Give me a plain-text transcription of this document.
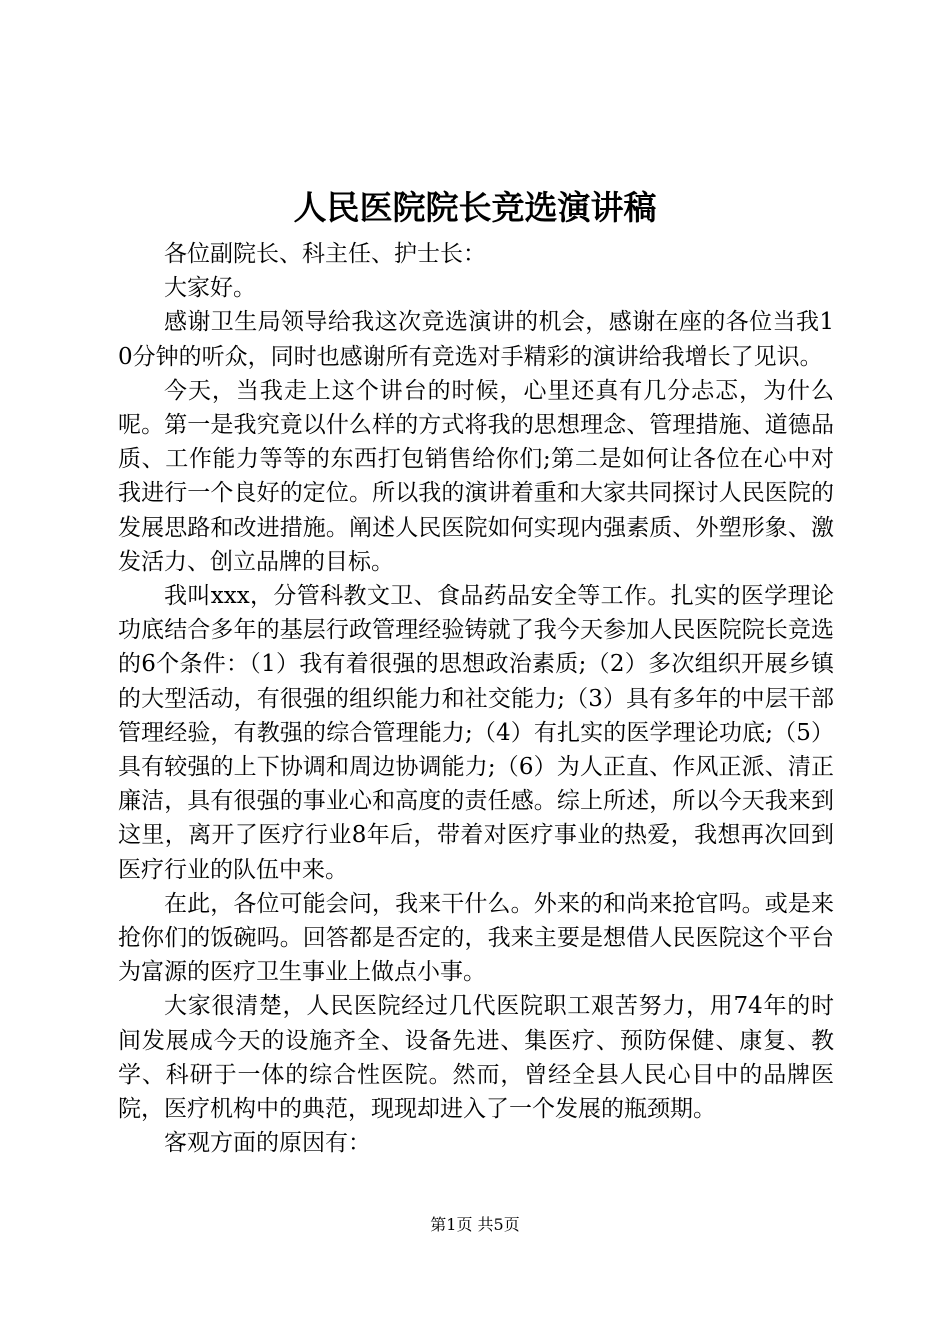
人民医院院长竞选演讲稿

各位副院长、科主任、护士长：

大家好。

感谢卫生局领导给我这次竞选演讲的机会，感谢在座的各位当我10分钟的听众，同时也感谢所有竞选对手精彩的演讲给我增长了见识。

今天，当我走上这个讲台的时候，心里还真有几分忐忑，为什么呢。第一是我究竟以什么样的方式将我的思想理念、管理措施、道德品质、工作能力等等的东西打包销售给你们;第二是如何让各位在心中对我进行一个良好的定位。所以我的演讲着重和大家共同探讨人民医院的发展思路和改进措施。阐述人民医院如何实现内强素质、外塑形象、激发活力、创立品牌的目标。

我叫xxx，分管科教文卫、食品药品安全等工作。扎实的医学理论功底结合多年的基层行政管理经验铸就了我今天参加人民医院院长竞选的6个条件：（1）我有着很强的思想政治素质;（2）多次组织开展乡镇的大型活动，有很强的组织能力和社交能力;（3）具有多年的中层干部管理经验，有教强的综合管理能力;（4）有扎实的医学理论功底;（5）具有较强的上下协调和周边协调能力;（6）为人正直、作风正派、清正廉洁，具有很强的事业心和高度的责任感。综上所述，所以今天我来到这里，离开了医疗行业8年后，带着对医疗事业的热爱，我想再次回到医疗行业的队伍中来。

在此，各位可能会问，我来干什么。外来的和尚来抢官吗。或是来抢你们的饭碗吗。回答都是否定的，我来主要是想借人民医院这个平台为富源的医疗卫生事业上做点小事。

大家很清楚，人民医院经过几代医院职工艰苦努力，用74年的时间发展成今天的设施齐全、设备先进、集医疗、预防保健、康复、教学、科研于一体的综合性医院。然而，曾经全县人民心目中的品牌医院，医疗机构中的典范，现现却进入了一个发展的瓶颈期。

客观方面的原因有：

第1页 共5页
